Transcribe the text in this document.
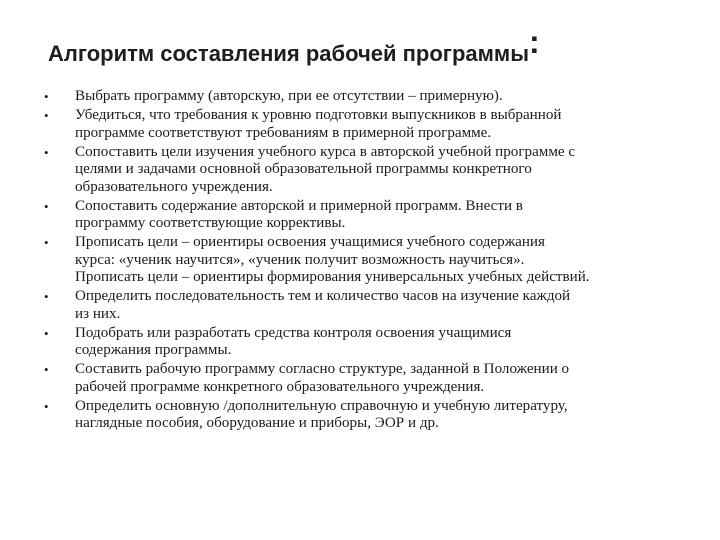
Алгоритм составления рабочей программы:
•	Выбрать программу (авторскую, при ее отсутствии – примерную).
•	Убедиться, что требования к уровню подготовки выпускников в выбранной
программе соответствуют требованиям в примерной программе.
•	Сопоставить цели изучения учебного курса в авторской учебной программе с
целями и задачами основной образовательной программы конкретного
образовательного учреждения.
•	Сопоставить содержание авторской и примерной программ. Внести в
программу соответствующие коррективы.
•	Прописать цели – ориентиры освоения учащимися учебного содержания
курса: «ученик научится», «ученик получит возможность научиться».
Прописать цели – ориентиры формирования универсальных учебных действий.
•	Определить последовательность тем и количество часов на изучение каждой
из них.
•	Подобрать или разработать средства контроля освоения учащимися
содержания программы.
•	Составить рабочую программу согласно структуре, заданной в Положении о
рабочей программе конкретного образовательного учреждения.
•	Определить основную /дополнительную справочную и учебную литературу,
наглядные пособия, оборудование и приборы, ЭОР и др.
